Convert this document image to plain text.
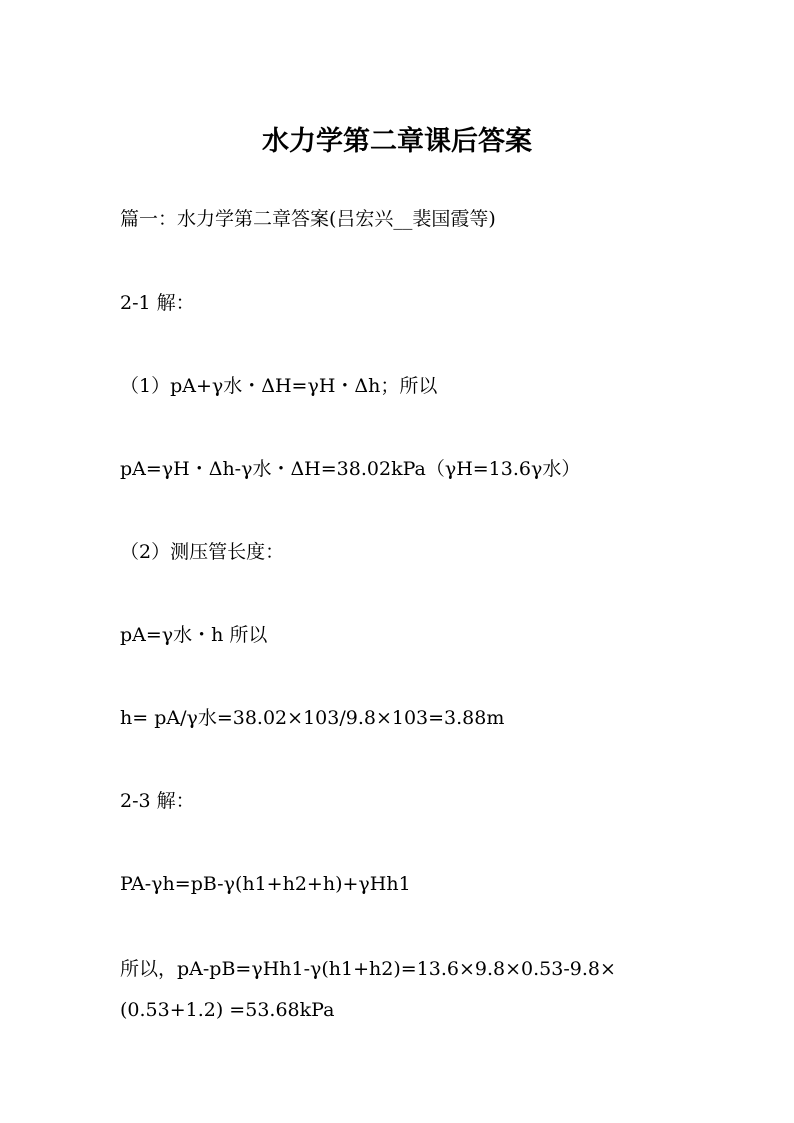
水力学第二章课后答案
篇一：水力学第二章答案(吕宏兴__裴国霞等)
2-1 解：
（1）pA+γ水・ΔH=γH・Δh；所以
pA=γH・Δh-γ水・ΔH=38.02kPa（γH=13.6γ水）
（2）测压管长度：
pA=γ水・h 所以
h= pA/γ水=38.02×103/9.8×103=3.88m
2-3 解：
PA-γh=pB-γ(h1+h2+h)+γHh1
所以，pA-pB=γHh1-γ(h1+h2)=13.6×9.8×0.53-9.8×
(0.53+1.2) =53.68kPa
